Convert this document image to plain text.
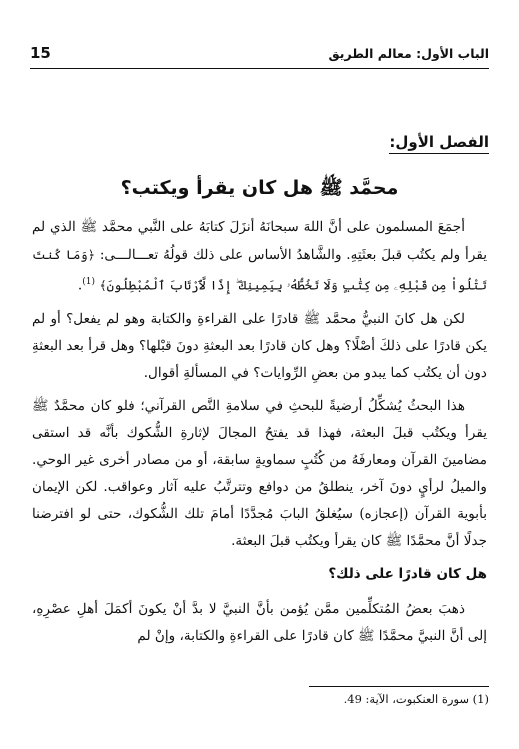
15	الباب الأول: معالم الطريق
الفصل الأول:
محمَّد ﷺ هل كان يقرأ ويكتب؟

أجمَعَ المسلمون على أنَّ اللهَ سبحانَهُ أنزَلَ كتابَهُ على النَّبي محمَّد ﷺ الذي لم يقرأ ولم يكتُب قبلَ بعثَتِهِ. والشَّاهدُ الأساس على ذلك قولُهُ تعـــالـــى: ﴿وَمَا كُنتَ تَتْلُواْ مِن قَبْلِهِۦ مِن كِتَٰبٍ وَلَا تَخُطُّهُۥ بِيَمِينِكَ ۖ إِذًا لَّٱرْتَابَ ٱلْمُبْطِلُونَ﴾ $^{(1)}$.

لكن هل كانَ النبيُّ محمَّد ﷺ قادرًا على القراءةِ والكتابة وهو لم يفعل؟ أو لم يكن قادرًا على ذلكَ أصْلًا؟ وهل كان قادرًا بعد البعثةِ دونَ قبْلها؟ وهل قرأ بعد البعثةِ دون أن يكتُب كما يبدو من بعضِ الرِّوايات؟ في المسألةِ أقوال.

هذا البحثُ يُشكِّلُ أرضيةً للبحثِ في سلامةِ النَّص القرآني؛ فلو كان محمَّدٌ ﷺ يقرأ ويكتُب قبلَ البعثة، فهذا قد يفتحُ المجالَ لإثارةِ الشُّكوك بأنَّه قد استقى مضامينَ القرآن ومعارفَهُ من كُتُبٍ سماويةٍ سابقة، أو من مصادر أخرى غير الوحي. والميلُ لرأيٍ دونَ آخر، ينطلقُ من دوافع وتترتَّبُ عليه آثار وعواقب. لكن الإيمان بأبوية القرآن (إعجازه) سيُغلقُ البابَ مُجدَّدًا أمامَ تلك الشُّكوك، حتى لو افترضنا جدلًا أنَّ محمَّدًا ﷺ كان يقرأ ويكتُب قبلَ البعثة.

هل كان قادرًا على ذلك؟

ذهبَ بعضُ المُتكلِّمين ممَّن يُؤمن بأنَّ النبيَّ لا بدَّ أنْ يكونَ أكمَلَ أهلِ عصْرِهِ، إلى أنَّ النبيَّ محمَّدًا ﷺ كان قادرًا على القراءةِ والكتابة، وإنْ لم

(1) سورة العنكبوت، الآية: 49.
